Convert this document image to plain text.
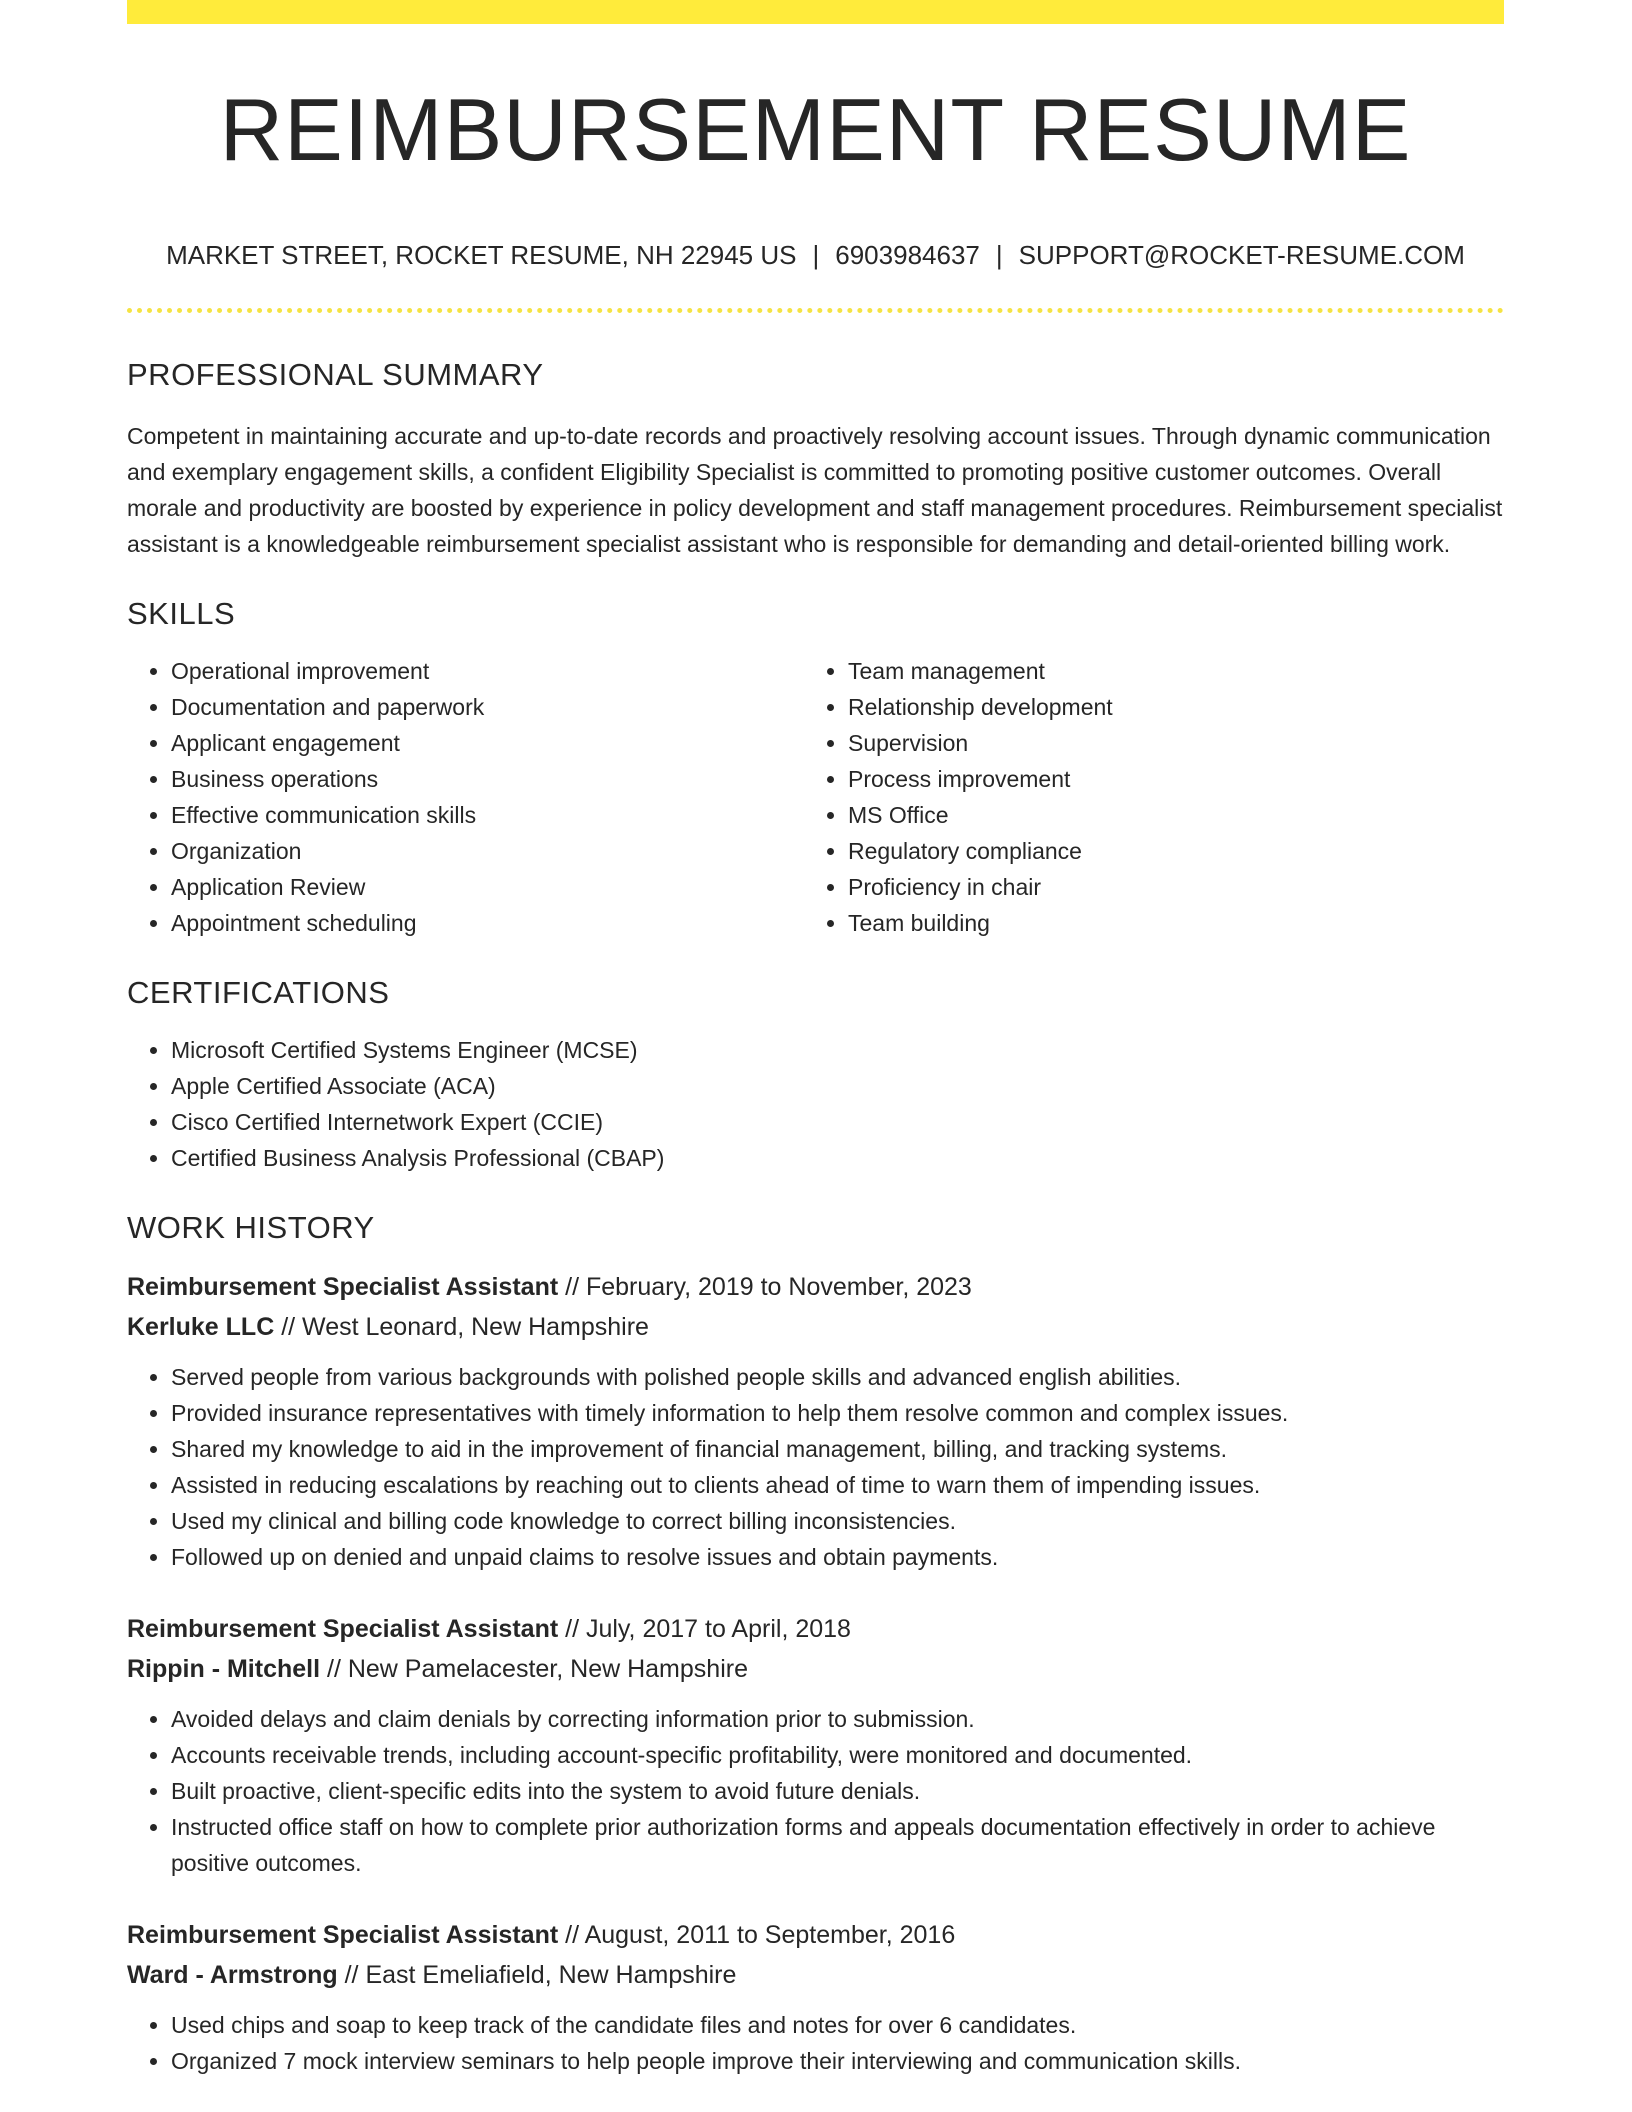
REIMBURSEMENT RESUME
MARKET STREET, ROCKET RESUME, NH 22945 US | 6903984637 | SUPPORT@ROCKET-RESUME.COM
PROFESSIONAL SUMMARY

Competent in maintaining accurate and up-to-date records and proactively resolving account issues. Through dynamic communication and exemplary engagement skills, a confident Eligibility Specialist is committed to promoting positive customer outcomes. Overall morale and productivity are boosted by experience in policy development and staff management procedures. Reimbursement specialist assistant is a knowledgeable reimbursement specialist assistant who is responsible for demanding and detail-oriented billing work.

SKILLS
• Operational improvement
• Documentation and paperwork
• Applicant engagement
• Business operations
• Effective communication skills
• Organization
• Application Review
• Appointment scheduling
• Team management
• Relationship development
• Supervision
• Process improvement
• MS Office
• Regulatory compliance
• Proficiency in chair
• Team building
CERTIFICATIONS
• Microsoft Certified Systems Engineer (MCSE)
• Apple Certified Associate (ACA)
• Cisco Certified Internetwork Expert (CCIE)
• Certified Business Analysis Professional (CBAP)
WORK HISTORY
Reimbursement Specialist Assistant // February, 2019 to November, 2023
Kerluke LLC // West Leonard, New Hampshire
• Served people from various backgrounds with polished people skills and advanced english abilities.
• Provided insurance representatives with timely information to help them resolve common and complex issues.
• Shared my knowledge to aid in the improvement of financial management, billing, and tracking systems.
• Assisted in reducing escalations by reaching out to clients ahead of time to warn them of impending issues.
• Used my clinical and billing code knowledge to correct billing inconsistencies.
• Followed up on denied and unpaid claims to resolve issues and obtain payments.
Reimbursement Specialist Assistant // July, 2017 to April, 2018
Rippin - Mitchell // New Pamelacester, New Hampshire
• Avoided delays and claim denials by correcting information prior to submission.
• Accounts receivable trends, including account-specific profitability, were monitored and documented.
• Built proactive, client-specific edits into the system to avoid future denials.
• Instructed office staff on how to complete prior authorization forms and appeals documentation effectively in order to achieve positive outcomes.
Reimbursement Specialist Assistant // August, 2011 to September, 2016
Ward - Armstrong // East Emeliafield, New Hampshire
• Used chips and soap to keep track of the candidate files and notes for over 6 candidates.
• Organized 7 mock interview seminars to help people improve their interviewing and communication skills.
